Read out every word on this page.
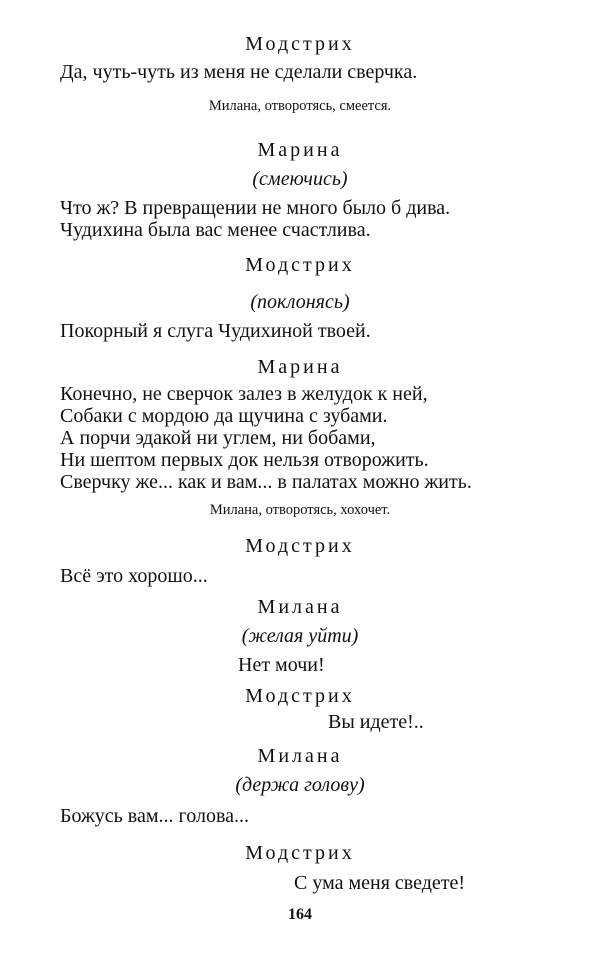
Модстрих
Да, чуть-чуть из меня не сделали сверчка.
Милана, отворотясь, смеется.
Марина
(смеючись)
Что ж? В превращении не много было б дива.
Чудихина была вас менее счастлива.
Модстрих
(поклонясь)
Покорный я слуга Чудихиной твоей.
Марина
Конечно, не сверчок залез в желудок к ней,
Собаки с мордою да щучина с зубами.
А порчи эдакой ни углем, ни бобами,
Ни шептом первых док нельзя отворожить.
Сверчку же... как и вам... в палатах можно жить.
Милана, отворотясь, хохочет.
Модстрих
Всё это хорошо...
Милана
(желая уйти)
Нет мочи!
Модстрих
Вы идете!..
Милана
(держа голову)
Божусь вам... голова...
Модстрих
С ума меня сведете!
164
